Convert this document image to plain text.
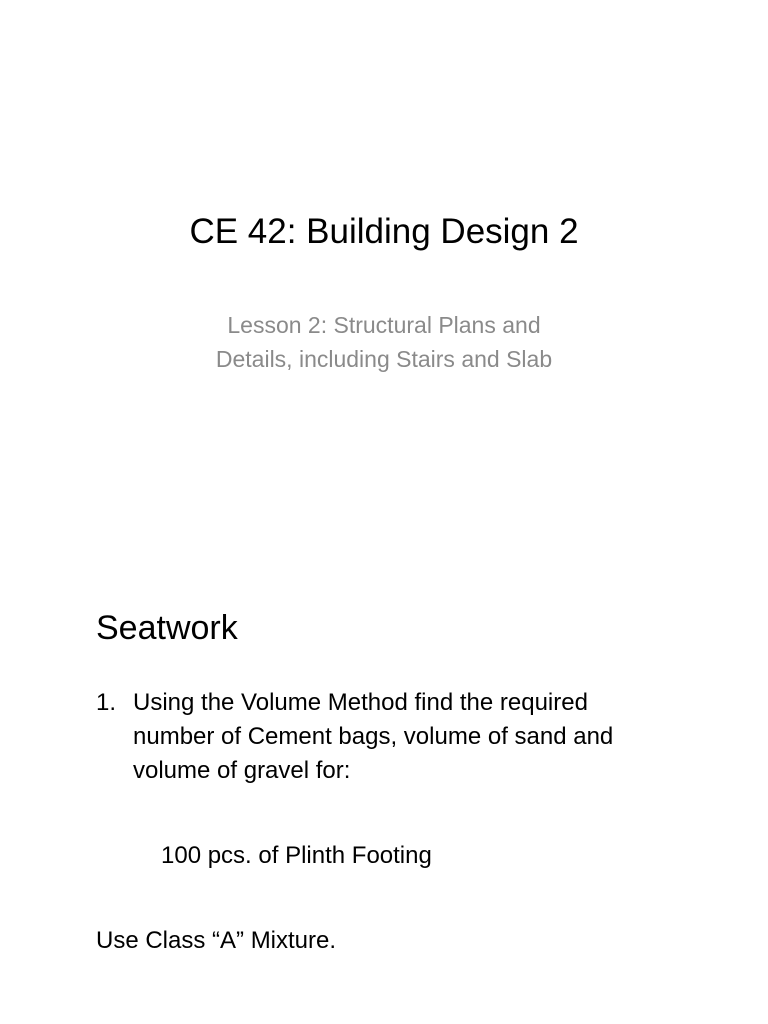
CE 42: Building Design 2
Lesson 2: Structural Plans and
Details, including Stairs and Slab
Seatwork
1. Using the Volume Method find the required
number of Cement bags, volume of sand and
volume of gravel for:
100 pcs. of Plinth Footing
Use Class “A” Mixture.
